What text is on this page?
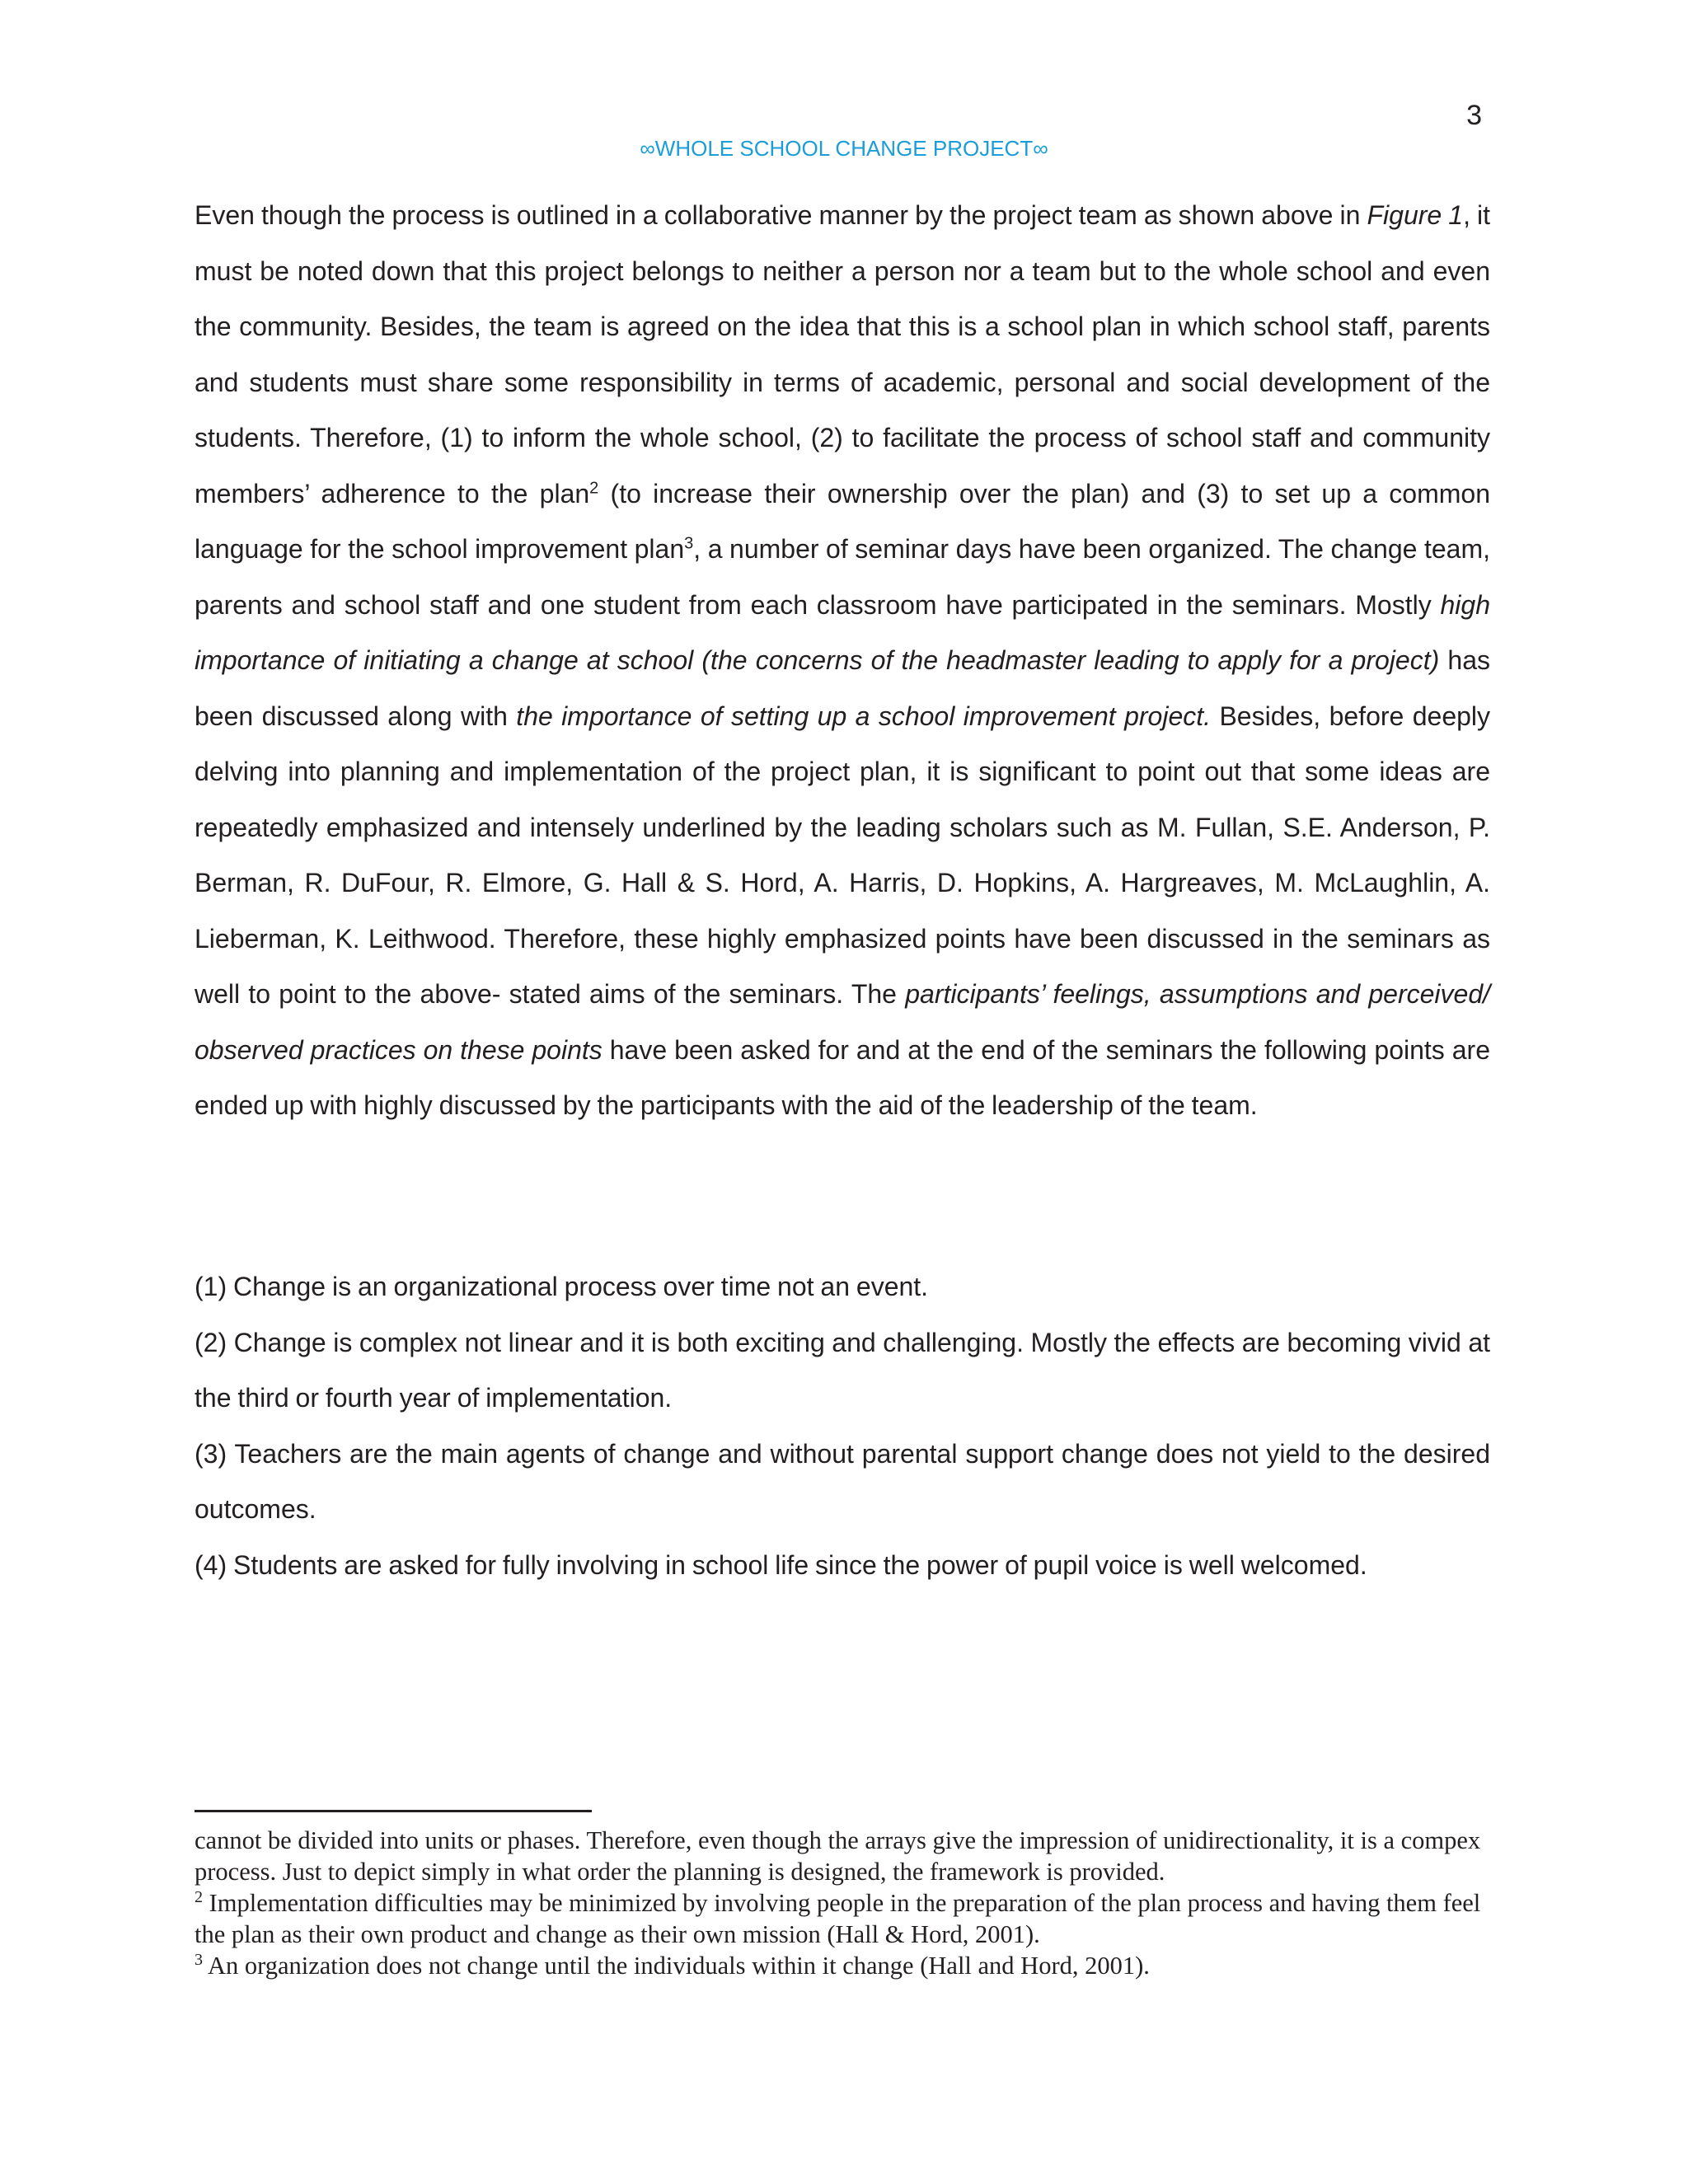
3
∞WHOLE SCHOOL CHANGE PROJECT∞

Even though the process is outlined in a collaborative manner by the project team as shown above in Figure 1, it must be noted down that this project belongs to neither a person nor a team but to the whole school and even the community. Besides, the team is agreed on the idea that this is a school plan in which school staff, parents and students must share some responsibility in terms of academic, personal and social development of the students. Therefore, (1) to inform the whole school, (2) to facilitate the process of school staff and community members’ adherence to the plan$^2$ (to increase their ownership over the plan) and (3) to set up a common language for the school improvement plan$^3$, a number of seminar days have been organized. The change team, parents and school staff and one student from each classroom have participated in the seminars. Mostly high importance of initiating a change at school (the concerns of the headmaster leading to apply for a project) has been discussed along with the importance of setting up a school improvement project. Besides, before deeply delving into planning and implementation of the project plan, it is significant to point out that some ideas are repeatedly emphasized and intensely underlined by the leading scholars such as M. Fullan, S.E. Anderson, P. Berman, R. DuFour, R. Elmore, G. Hall & S. Hord, A. Harris, D. Hopkins, A. Hargreaves, M. McLaughlin, A. Lieberman, K. Leithwood. Therefore, these highly emphasized points have been discussed in the seminars as well to point to the above- stated aims of the seminars. The participants’ feelings, assumptions and perceived/ observed practices on these points have been asked for and at the end of the seminars the following points are ended up with highly discussed by the participants with the aid of the leadership of the team.

(1) Change is an organizational process over time not an event.

(2) Change is complex not linear and it is both exciting and challenging. Mostly the effects are becoming vivid at the third or fourth year of implementation.

(3) Teachers are the main agents of change and without parental support change does not yield to the desired outcomes.

(4) Students are asked for fully involving in school life since the power of pupil voice is well welcomed.

cannot be divided into units or phases. Therefore, even though the arrays give the impression of unidirectionality, it is a compex process. Just to depict simply in what order the planning is designed, the framework is provided.

$^2$ Implementation difficulties may be minimized by involving people in the preparation of the plan process and having them feel the plan as their own product and change as their own mission (Hall & Hord, 2001).

$^3$ An organization does not change until the individuals within it change (Hall and Hord, 2001).
